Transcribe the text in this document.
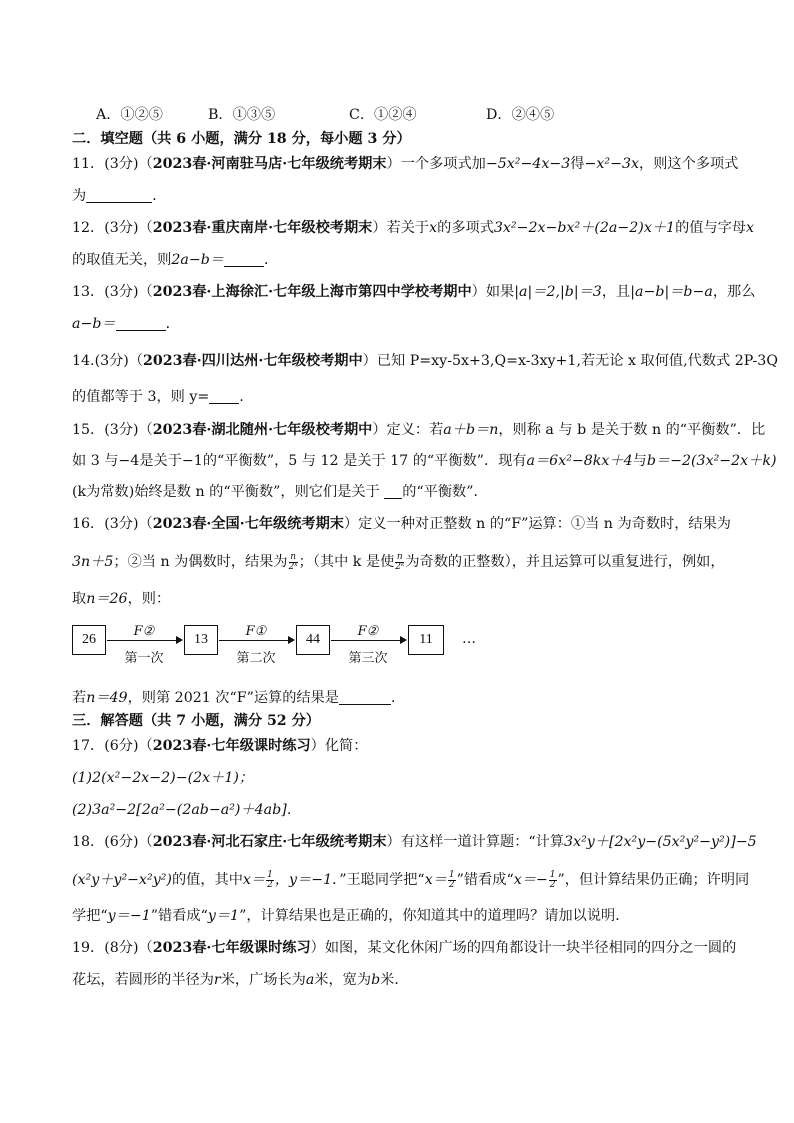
A．①②⑤	B．①③⑤	C．①②④	D．②④⑤
二．填空题（共 6 小题，满分 18 分，每小题 3 分）
11．(3分)（2023春·河南驻马店·七年级统考期末）一个多项式加−5x²−4x−3得−x²−3x，则这个多项式
为	．
12．(3分)（2023春·重庆南岸·七年级校考期末）若关于x的多项式3x²−2x−bx²＋(2a−2)x＋1的值与字母x
的取值无关，则2a−b＝	．
13．(3分)（2023春·上海徐汇·七年级上海市第四中学校考期中）如果|a|＝2,|b|＝3，且|a−b|＝b−a，那么
a−b＝	．
14.(3分)（2023春·四川达州·七年级校考期中）已知 P=xy-5x+3,Q=x-3xy+1,若无论 x 取何值,代数式 2P-3Q
的值都等于 3，则 y= .
15．(3分)（2023春·湖北随州·七年级校考期中）定义：若a＋b＝n，则称 a 与 b 是关于数 n 的“平衡数”．比
如 3 与−4是关于−1的“平衡数”，5 与 12 是关于 17 的“平衡数”．现有a＝6x²−8kx＋4与b＝−2(3x²−2x＋k)
(k为常数)始终是数 n 的“平衡数”，则它们是关于 的“平衡数”．
16．(3分)（2023春·全国·七年级统考期末）定义一种对正整数 n 的“F”运算：①当 n 为奇数时，结果为
3n＋5；②当 n 为偶数时，结果为 $\frac{n}{\text{2ᵏ}}$ ；（其中 k 是使 $\frac{n}{\text{2ᵏ}}$ 为奇数的正整数），并且运算可以重复进行，例如，
取n＝26，则：
26
F②
第一次
13
F①
第二次
44
F②
第三次
11	…
若n＝49，则第 2021 次“F”运算的结果是	．
三．解答题（共 7 小题，满分 52 分）
17．(6分)（2023春·七年级课时练习）化简：
(1)2(x²−2x−2)−(2x＋1)；
(2)3a²−2[2a²−(2ab−a²)＋4ab]．
18．(6分)（2023春·河北石家庄·七年级统考期末）有这样一道计算题：“计算3x²y＋[2x²y−(5x²y²−y²)]−5
(x²y＋y²−x²y²)的值，其中$x= \frac{1}{2}$ ，y＝−1．”王聪同学把“$x= \frac{1}{2}$ ”错看成“$x=- \frac{1}{2}$ ”，但计算结果仍正确；许明同
学把“y＝−1”错看成“y＝1”，计算结果也是正确的，你知道其中的道理吗？请加以说明．
19．(8分)（2023春·七年级课时练习）如图，某文化休闲广场的四角都设计一块半径相同的四分之一圆的
花坛，若圆形的半径为r米，广场长为a米，宽为b米．
